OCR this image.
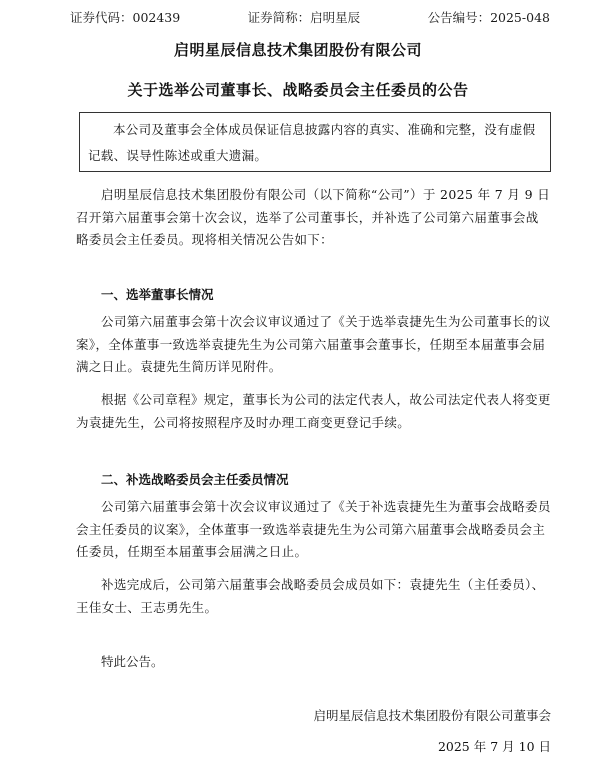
证券代码：002439	证券简称：启明星辰	公告编号：2025-048
启明星辰信息技术集团股份有限公司
关于选举公司董事长、战略委员会主任委员的公告
本公司及董事会全体成员保证信息披露内容的真实、准确和完整，没有虚假记载、误导性陈述或重大遗漏。

启明星辰信息技术集团股份有限公司（以下简称“公司”）于 2025 年 7 月 9 日召开第六届董事会第十次会议，选举了公司董事长，并补选了公司第六届董事会战略委员会主任委员。现将相关情况公告如下：

一、选举董事长情况

公司第六届董事会第十次会议审议通过了《关于选举袁捷先生为公司董事长的议案》，全体董事一致选举袁捷先生为公司第六届董事会董事长，任期至本届董事会届满之日止。袁捷先生简历详见附件。

根据《公司章程》规定，董事长为公司的法定代表人，故公司法定代表人将变更为袁捷先生，公司将按照程序及时办理工商变更登记手续。

二、补选战略委员会主任委员情况

公司第六届董事会第十次会议审议通过了《关于补选袁捷先生为董事会战略委员会主任委员的议案》，全体董事一致选举袁捷先生为公司第六届董事会战略委员会主任委员，任期至本届董事会届满之日止。

补选完成后，公司第六届董事会战略委员会成员如下：袁捷先生（主任委员）、王佳女士、王志勇先生。

特此公告。

启明星辰信息技术集团股份有限公司董事会

2025 年 7 月 10 日
